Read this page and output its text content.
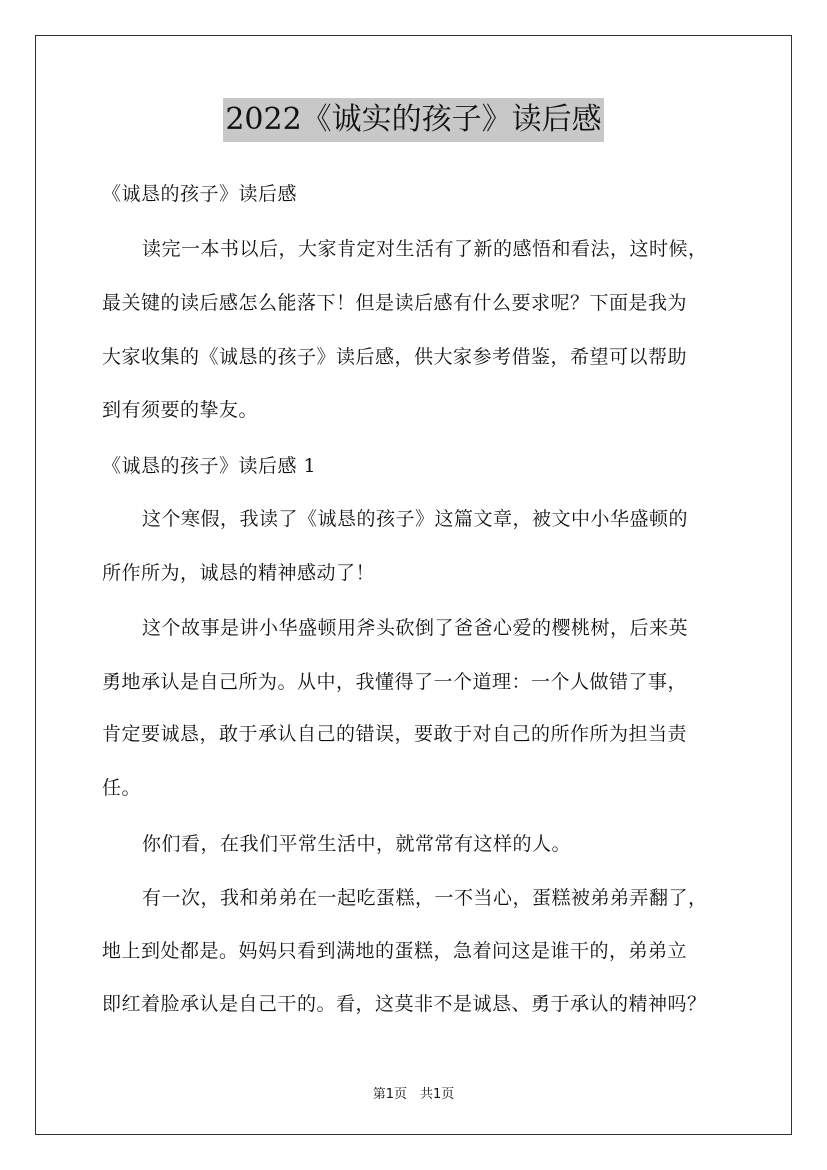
2022《诚实的孩子》读后感
《诚恳的孩子》读后感
读完一本书以后，大家肯定对生活有了新的感悟和看法，这时候，
最关键的读后感怎么能落下！但是读后感有什么要求呢？下面是我为
大家收集的《诚恳的孩子》读后感，供大家参考借鉴，希望可以帮助
到有须要的挚友。
《诚恳的孩子》读后感 1
这个寒假，我读了《诚恳的孩子》这篇文章，被文中小华盛顿的
所作所为，诚恳的精神感动了！
这个故事是讲小华盛顿用斧头砍倒了爸爸心爱的樱桃树，后来英
勇地承认是自己所为。从中，我懂得了一个道理：一个人做错了事，
肯定要诚恳，敢于承认自己的错误，要敢于对自己的所作所为担当责
任。
你们看，在我们平常生活中，就常常有这样的人。
有一次，我和弟弟在一起吃蛋糕，一不当心，蛋糕被弟弟弄翻了，
地上到处都是。妈妈只看到满地的蛋糕，急着问这是谁干的，弟弟立
即红着脸承认是自己干的。看，这莫非不是诚恳、勇于承认的精神吗？
第1页　共1页
